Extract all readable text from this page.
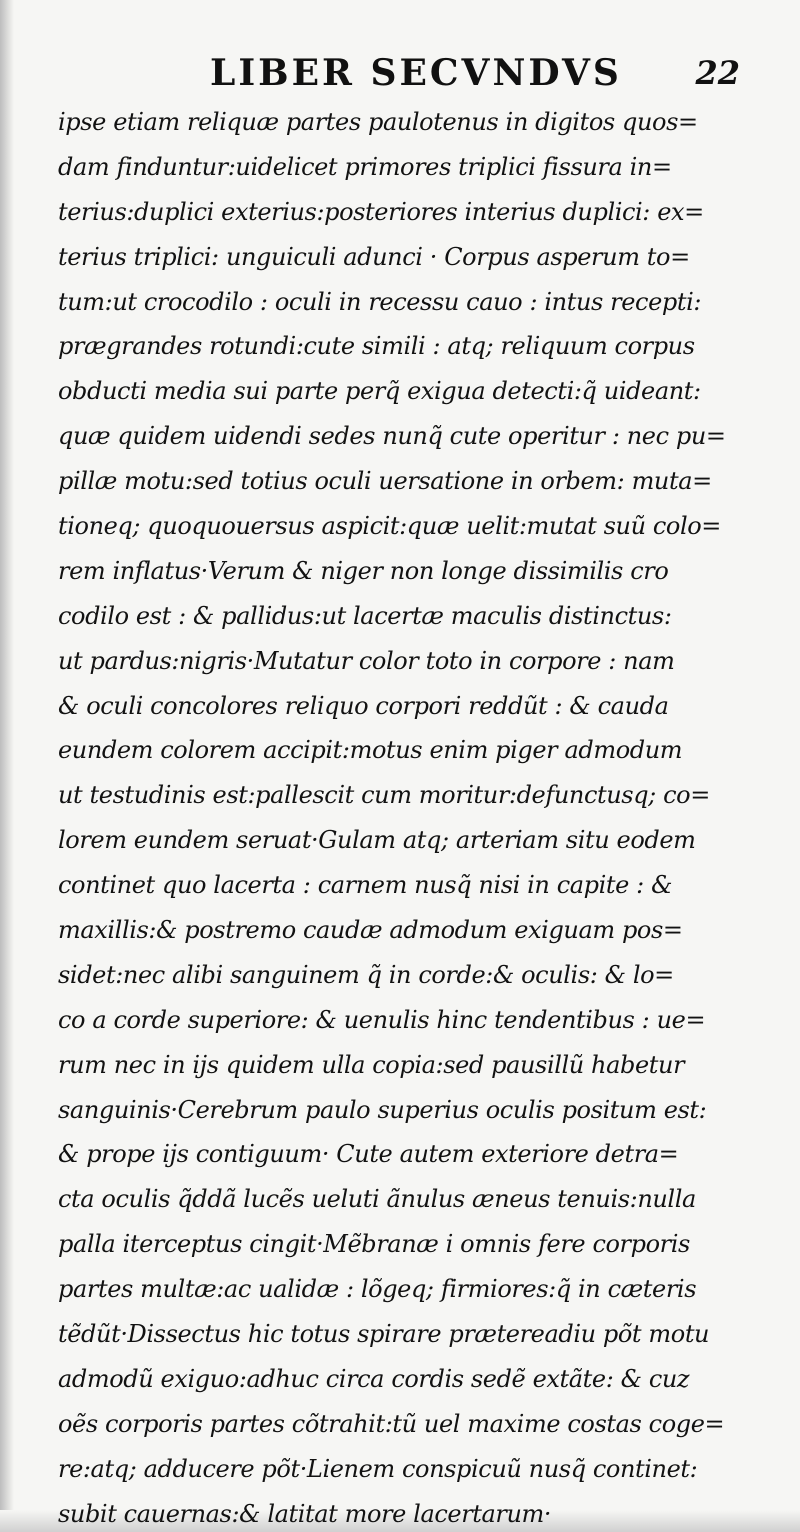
LIBER SECVNDVS 22
ipse etiam reliquæ partes paulotenus in digitos quos=
dam finduntur:uidelicet primores triplici fissura in=
terius:duplici exterius:posteriores interius duplici: ex=
terius triplici: unguiculi adunci · Corpus asperum to=
tum:ut crocodilo : oculi in recessu cauo : intus recepti:
prægrandes rotundi:cute simili : atq; reliquum corpus
obducti media sui parte perq̃ exigua detecti:q̃ uideant:
quæ quidem uidendi sedes nunq̃ cute operitur : nec pu=
pillæ motu:sed totius oculi uersatione in orbem: muta=
tioneq; quoquouersus aspicit:quæ uelit:mutat suũ colo=
rem inflatus·Verum & niger non longe dissimilis cro
codilo est : & pallidus:ut lacertæ maculis distinctus:
ut pardus:nigris·Mutatur color toto in corpore : nam
& oculi concolores reliquo corpori reddũt : & cauda
eundem colorem accipit:motus enim piger admodum
ut testudinis est:pallescit cum moritur:defunctusq; co=
lorem eundem seruat·Gulam atq; arteriam situ eodem
continet quo lacerta : carnem nusq̃ nisi in capite : &
maxillis:& postremo caudæ admodum exiguam pos=
sidet:nec alibi sanguinem q̃ in corde:& oculis: & lo=
co a corde superiore: & uenulis hinc tendentibus : ue=
rum nec in ijs quidem ulla copia:sed pausillũ habetur
sanguinis·Cerebrum paulo superius oculis positum est:
& prope ijs contiguum· Cute autem exteriore detra=
cta oculis q̃ddã lucẽs ueluti ãnulus æneus tenuis:nulla
palla iterceptus cingit·Mẽbranæ i omnis fere corporis
partes multæ:ac ualidæ : lõgeq; firmiores:q̃ in cæteris
tẽdũt·Dissectus hic totus spirare prætereadiu põt motu
admodũ exiguo:adhuc circa cordis sedẽ extãte: & cuz
oẽs corporis partes cõtrahit:tũ uel maxime costas coge=
re:atq; adducere põt·Lienem conspicuũ nusq̃ continet:
subit cauernas:& latitat more lacertarum·
